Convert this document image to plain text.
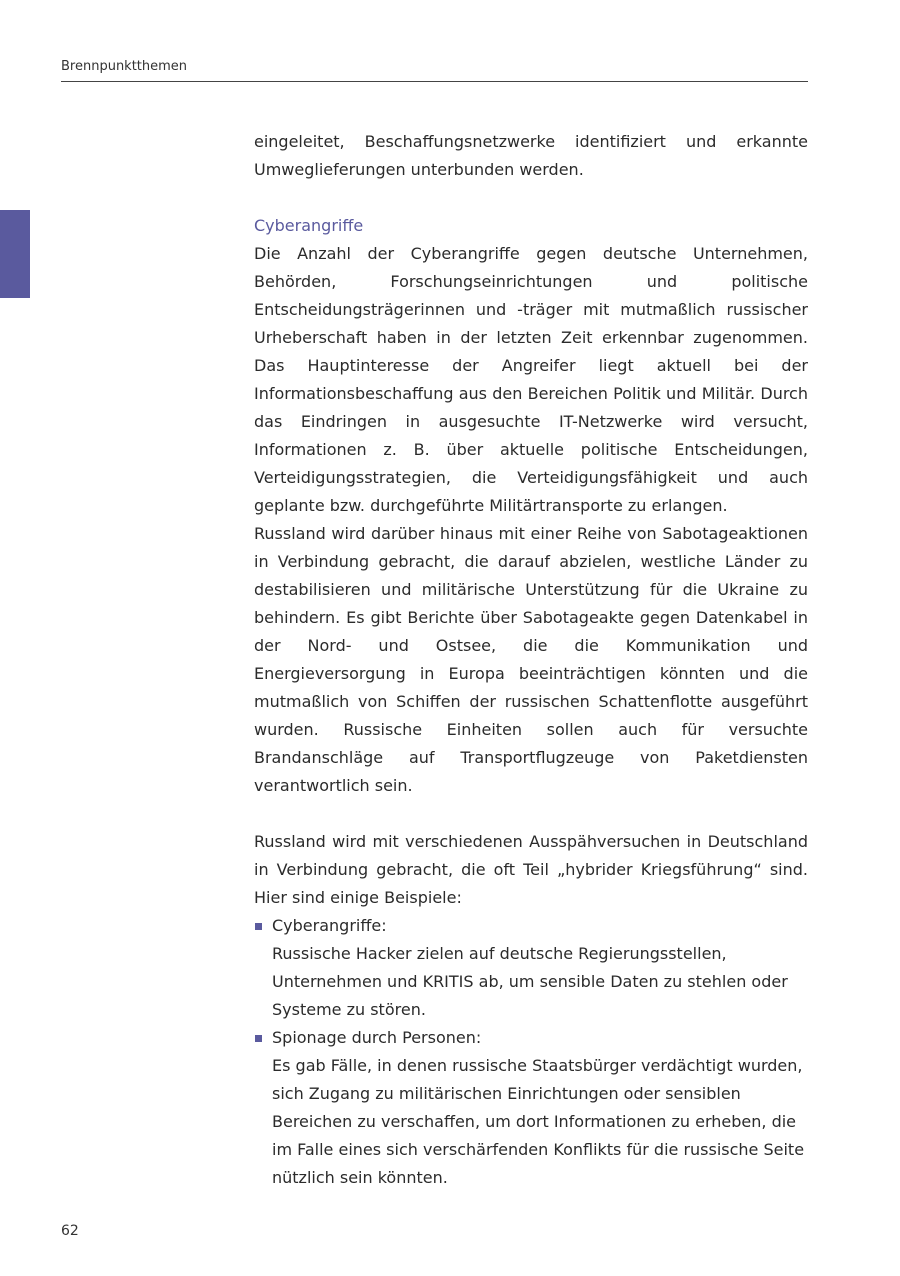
Brennpunktthemen

eingeleitet, Beschaffungsnetzwerke identifiziert und erkannte Umweglieferungen unterbunden werden.

Cyberangriffe

Die Anzahl der Cyberangriffe gegen deutsche Unternehmen, Behörden, Forschungseinrichtungen und politische Entscheidungsträgerinnen und -träger mit mutmaßlich russischer Urheberschaft haben in der letzten Zeit erkennbar zugenommen. Das Hauptinteresse der Angreifer liegt aktuell bei der Informationsbeschaffung aus den Bereichen Politik und Militär. Durch das Eindringen in ausgesuchte IT-Netzwerke wird versucht, Informationen z. B. über aktuelle politische Entscheidungen, Verteidigungsstrategien, die Verteidigungsfähigkeit und auch geplante bzw. durchgeführte Militärtransporte zu erlangen.

Russland wird darüber hinaus mit einer Reihe von Sabotageaktionen in Verbindung gebracht, die darauf abzielen, westliche Länder zu destabilisieren und militärische Unterstützung für die Ukraine zu behindern. Es gibt Berichte über Sabotageakte gegen Datenkabel in der Nord- und Ostsee, die die Kommunikation und Energieversorgung in Europa beeinträchtigen könnten und die mutmaßlich von Schiffen der russischen Schattenflotte ausgeführt wurden. Russische Einheiten sollen auch für versuchte Brandanschläge auf Transportflugzeuge von Paketdiensten verantwortlich sein.

Russland wird mit verschiedenen Ausspähversuchen in Deutschland in Verbindung gebracht, die oft Teil „hybrider Kriegsführung“ sind. Hier sind einige Beispiele:

Cyberangriffe:

Russische Hacker zielen auf deutsche Regierungsstellen, Unternehmen und KRITIS ab, um sensible Daten zu stehlen oder Systeme zu stören.

Spionage durch Personen:

Es gab Fälle, in denen russische Staatsbürger verdächtigt wurden, sich Zugang zu militärischen Einrichtungen oder sensiblen Bereichen zu verschaffen, um dort Informationen zu erheben, die im Falle eines sich verschärfenden Konflikts für die russische Seite nützlich sein könnten.

62
